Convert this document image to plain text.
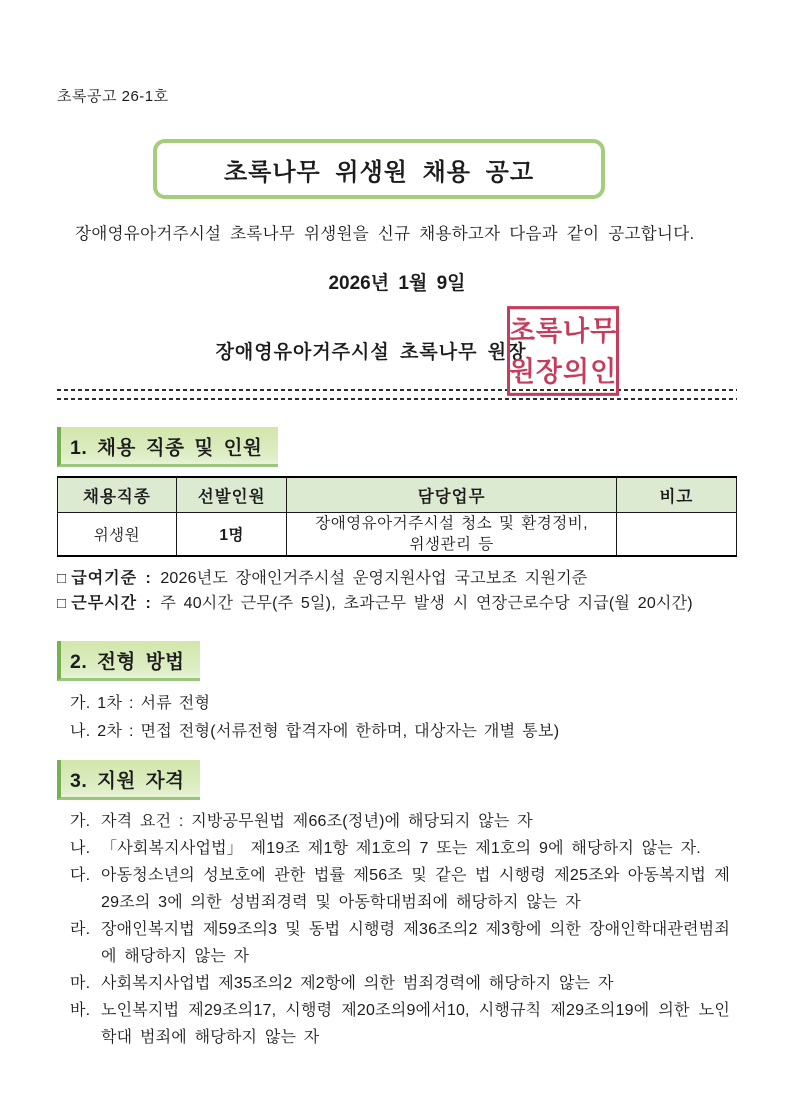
초록공고 26-1호
초록나무 위생원 채용 공고

장애영유아거주시설 초록나무 위생원을 신규 채용하고자 다음과 같이 공고합니다.

2026년 1월 9일
장애영유아거주시설 초록나무 원장
초록나무
원장의인
1. 채용 직종 및 인원
채용직종	선발인원	담당업무	비고
위생원	1명	장애영유아거주시설 청소 및 환경정비,
위생관리 등	

□ 급여기준 : 2026년도 장애인거주시설 운영지원사업 국고보조 지원기준
□ 근무시간 : 주 40시간 근무(주 5일), 초과근무 발생 시 연장근로수당 지급(월 20시간)
2. 전형 방법
가. 1차 : 서류 전형
나. 2차 : 면접 전형(서류전형 합격자에 한하며, 대상자는 개별 통보)
3. 지원 자격
가. 자격 요건 : 지방공무원법 제66조(정년)에 해당되지 않는 자
나. 「사회복지사업법」 제19조 제1항 제1호의 7 또는 제1호의 9에 해당하지 않는 자.
다. 아동청소년의 성보호에 관한 법률 제56조 및 같은 법 시행령 제25조와 아동복지법 제29조의 3에 의한 성범죄경력 및 아동학대범죄에 해당하지 않는 자
라. 장애인복지법 제59조의3 및 동법 시행령 제36조의2 제3항에 의한 장애인학대관련범죄에 해당하지 않는 자
마. 사회복지사업법 제35조의2 제2항에 의한 범죄경력에 해당하지 않는 자
바. 노인복지법 제29조의17, 시행령 제20조의9에서10, 시행규칙 제29조의19에 의한 노인학대 범죄에 해당하지 않는 자
